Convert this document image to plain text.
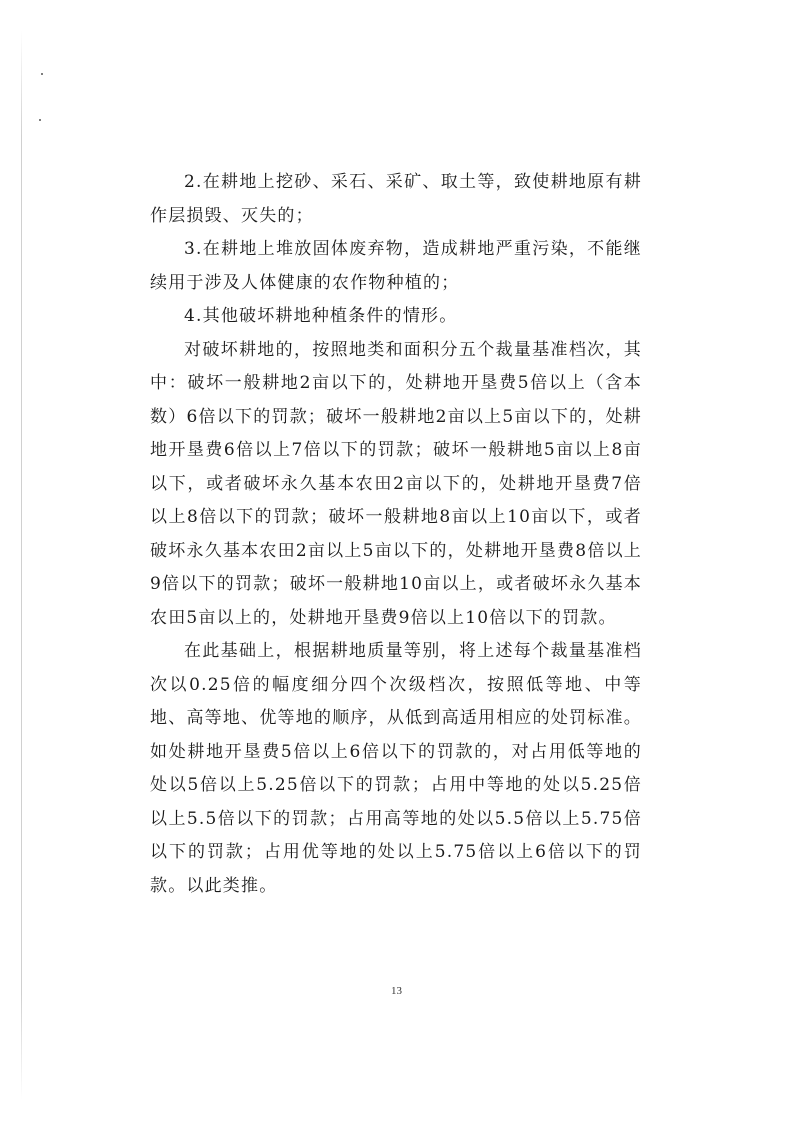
2.在耕地上挖砂、采石、采矿、取土等，致使耕地原有耕作层损毁、灭失的；

3.在耕地上堆放固体废弃物，造成耕地严重污染，不能继续用于涉及人体健康的农作物种植的；

4.其他破坏耕地种植条件的情形。

对破坏耕地的，按照地类和面积分五个裁量基准档次，其中：破坏一般耕地2亩以下的，处耕地开垦费5倍以上（含本数）6倍以下的罚款；破坏一般耕地2亩以上5亩以下的，处耕地开垦费6倍以上7倍以下的罚款；破坏一般耕地5亩以上8亩以下，或者破坏永久基本农田2亩以下的，处耕地开垦费7倍以上8倍以下的罚款；破坏一般耕地8亩以上10亩以下，或者破坏永久基本农田2亩以上5亩以下的，处耕地开垦费8倍以上9倍以下的罚款；破坏一般耕地10亩以上，或者破坏永久基本农田5亩以上的，处耕地开垦费9倍以上10倍以下的罚款。

在此基础上，根据耕地质量等别，将上述每个裁量基准档次以0.25倍的幅度细分四个次级档次，按照低等地、中等地、高等地、优等地的顺序，从低到高适用相应的处罚标准。如处耕地开垦费5倍以上6倍以下的罚款的，对占用低等地的处以5倍以上5.25倍以下的罚款；占用中等地的处以5.25倍以上5.5倍以下的罚款；占用高等地的处以5.5倍以上5.75倍以下的罚款；占用优等地的处以上5.75倍以上6倍以下的罚款。以此类推。

13
